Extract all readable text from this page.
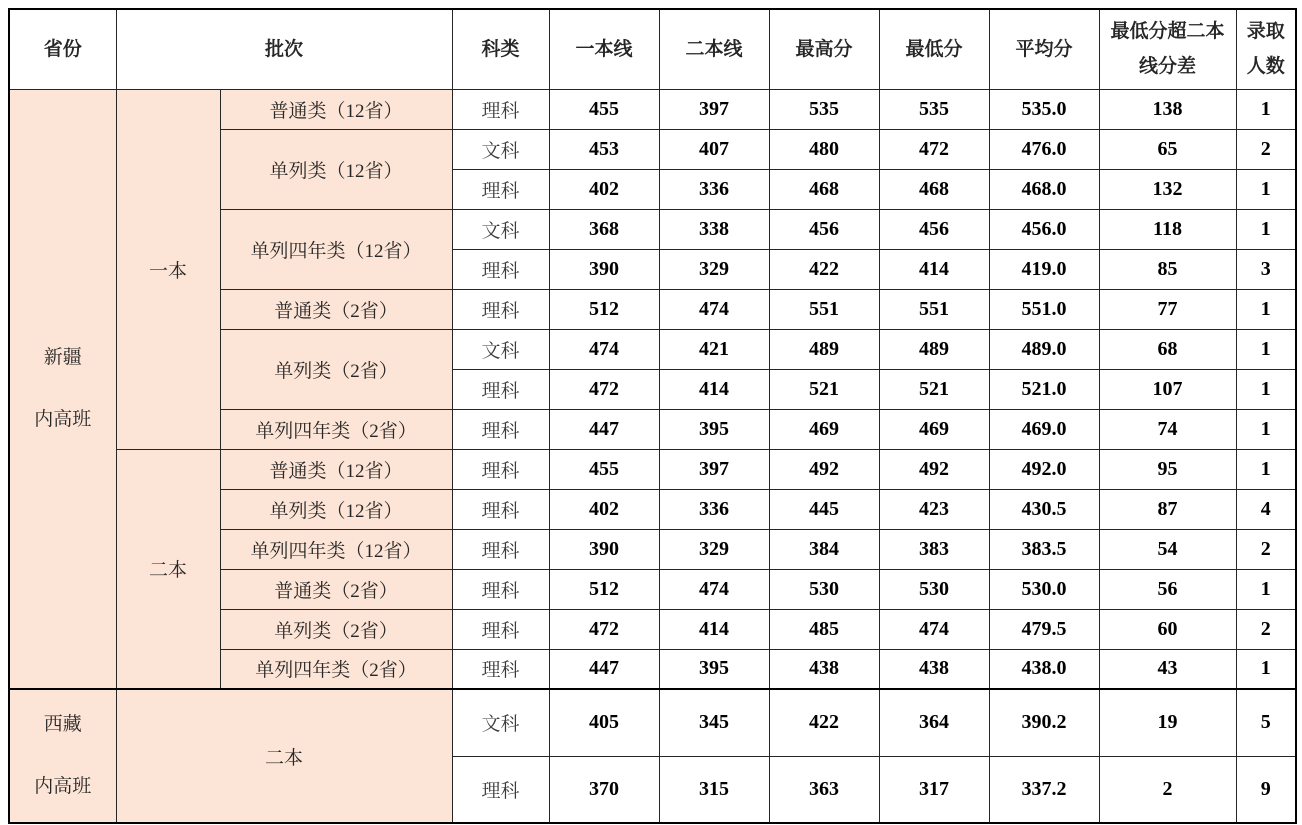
省份	批次		科类	一本线	二本线	最高分	最低分	平均分	最低分超二本线分差	录取人数

新疆
内高班	一本	普通类（12省）	理科	455	397	535	535	535.0	138	1
		单列类（12省）	文科	453	407	480	472	476.0	65	2
			理科	402	336	468	468	468.0	132	1
		单列四年类（12省）	文科	368	338	456	456	456.0	118	1
			理科	390	329	422	414	419.0	85	3
		普通类（2省）	理科	512	474	551	551	551.0	77	1
		单列类（2省）	文科	474	421	489	489	489.0	68	1
			理科	472	414	521	521	521.0	107	1
		单列四年类（2省）	理科	447	395	469	469	469.0	74	1
	二本	普通类（12省）	理科	455	397	492	492	492.0	95	1
		单列类（12省）	理科	402	336	445	423	430.5	87	4
		单列四年类（12省）	理科	390	329	384	383	383.5	54	2
		普通类（2省）	理科	512	474	530	530	530.0	56	1
		单列类（2省）	理科	472	414	485	474	479.5	60	2
		单列四年类（2省）	理科	447	395	438	438	438.0	43	1

西藏
内高班	二本		文科	405	345	422	364	390.2	19	5
			理科	370	315	363	317	337.2	2	9
